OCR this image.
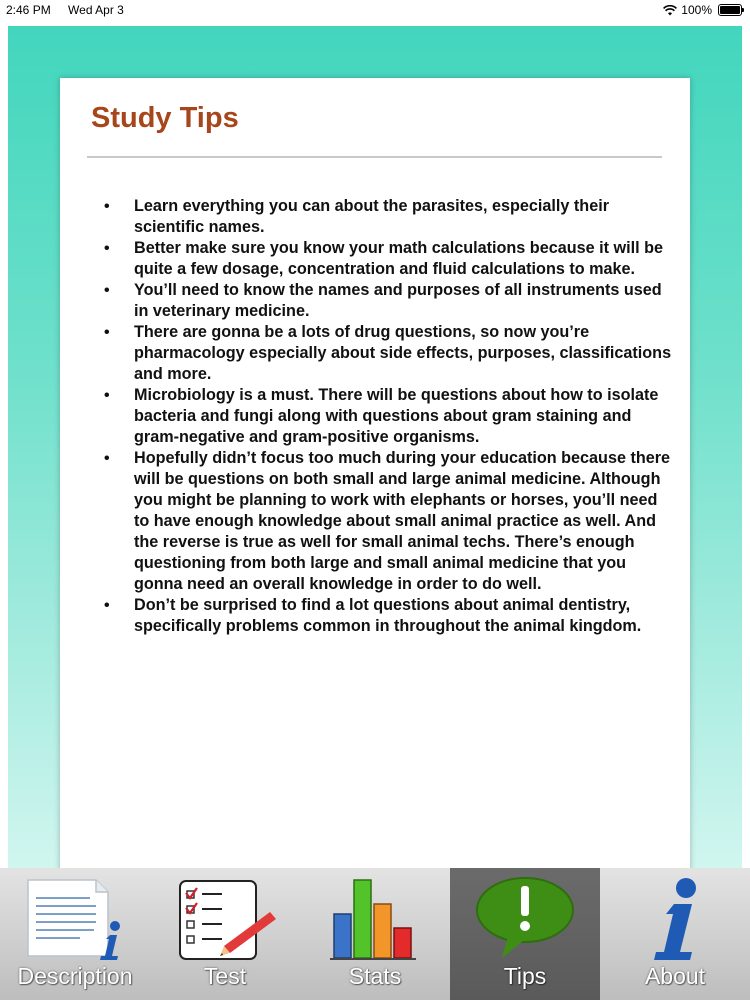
2:46 PM Wed Apr 3	100%
Study Tips
• Learn everything you can about the parasites, especially their scientific names.
• Better make sure you know your math calculations because it will be quite a few dosage, concentration and fluid calculations to make.
• You’ll need to know the names and purposes of all instruments used in veterinary medicine.
• There are gonna be a lots of drug questions, so now you’re pharmacology especially about side effects, purposes, classifications and more.
• Microbiology is a must. There will be questions about how to isolate bacteria and fungi along with questions about gram staining and gram-negative and gram-positive organisms.
• Hopefully didn’t focus too much during your education because there will be questions on both small and large animal medicine. Although you might be planning to work with elephants or horses, you’ll need to have enough knowledge about small animal practice as well. And the reverse is true as well for small animal techs. There’s enough questioning from both large and small animal medicine that you gonna need an overall knowledge in order to do well.
• Don’t be surprised to find a lot questions about animal dentistry, specifically problems common in throughout the animal kingdom.
Description	Test	Stats	Tips	About
